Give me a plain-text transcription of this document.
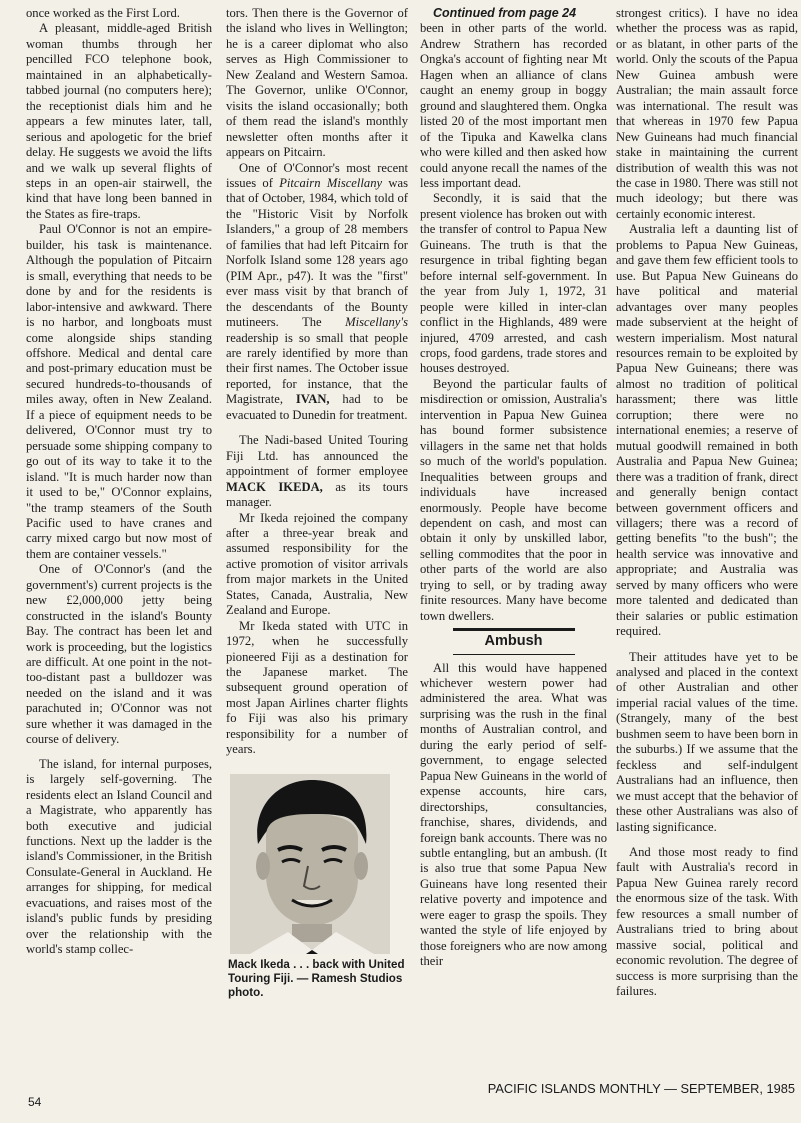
once worked as the First Lord.

A pleasant, middle-aged British woman thumbs through her pencilled FCO telephone book, maintained in an alphabetically-tabbed journal (no computers here); the receptionist dials him and he appears a few minutes later, tall, serious and apologetic for the brief delay. He suggests we avoid the lifts and we walk up several flights of steps in an open-air stairwell, the kind that have long been banned in the States as fire-traps.

Paul O'Connor is not an empire-builder, his task is maintenance. Although the population of Pitcairn is small, everything that needs to be done by and for the residents is labor-intensive and awkward. There is no harbor, and longboats must come alongside ships standing offshore. Medical and dental care and post-primary education must be secured hundreds-to-thousands of miles away, often in New Zealand. If a piece of equipment needs to be delivered, O'Connor must try to persuade some shipping company to go out of its way to take it to the island. "It is much harder now than it used to be," O'Connor explains, "the tramp steamers of the South Pacific used to have cranes and carry mixed cargo but now most of them are container vessels."

One of O'Connor's (and the government's) current projects is the new £2,000,000 jetty being constructed in the island's Bounty Bay. The contract has been let and work is proceeding, but the logistics are difficult. At one point in the not-too-distant past a bulldozer was needed on the island and it was parachuted in; O'Connor was not sure whether it was damaged in the course of delivery.

The island, for internal purposes, is largely self-governing. The residents elect an Island Council and a Magistrate, who apparently has both executive and judicial functions. Next up the ladder is the island's Commissioner, in the British Consulate-General in Auckland. He arranges for shipping, for medical evacuations, and raises most of the island's public funds by presiding over the relationship with the world's stamp collec-

tors. Then there is the Governor of the island who lives in Wellington; he is a career diplomat who also serves as High Commissioner to New Zealand and Western Samoa. The Governor, unlike O'Connor, visits the island occasionally; both of them read the island's monthly newsletter often months after it appears on Pitcairn.

One of O'Connor's most recent issues of Pitcairn Miscellany was that of October, 1984, which told of the "Historic Visit by Norfolk Islanders," a group of 28 members of families that had left Pitcairn for Norfolk Island some 128 years ago (PIM Apr., p47). It was the "first" ever mass visit by that branch of the descendants of the Bounty mutineers. The Miscellany's readership is so small that people are rarely identified by more than their first names. The October issue reported, for instance, that the Magistrate, IVAN, had to be evacuated to Dunedin for treatment.

The Nadi-based United Touring Fiji Ltd. has announced the appointment of former employee MACK IKEDA, as its tours manager.

Mr Ikeda rejoined the company after a three-year break and assumed responsibility for the active promotion of visitor arrivals from major markets in the United States, Canada, Australia, New Zealand and Europe.

Mr Ikeda stated with UTC in 1972, when he successfully pioneered Fiji as a destination for the Japanese market. The subsequent ground operation of most Japan Airlines charter flights fo Fiji was also his primary responsibility for a number of years.

Mack Ikeda . . . back with United Touring Fiji. — Ramesh Studios photo.

Continued from page 24

been in other parts of the world. Andrew Strathern has recorded Ongka's account of fighting near Mt Hagen when an alliance of clans caught an enemy group in boggy ground and slaughtered them. Ongka listed 20 of the most important men of the Tipuka and Kawelka clans who were killed and then asked how could anyone recall the names of the less important dead.

Secondly, it is said that the present violence has broken out with the transfer of control to Papua New Guineans. The truth is that the resurgence in tribal fighting began before internal self-government. In the year from July 1, 1972, 31 people were killed in inter-clan conflict in the Highlands, 489 were injured, 4709 arrested, and cash crops, food gardens, trade stores and houses destroyed.

Beyond the particular faults of misdirection or omission, Australia's intervention in Papua New Guinea has bound former subsistence villagers in the same net that holds so much of the world's population. Inequalities between groups and individuals have increased enormously. People have become dependent on cash, and most can obtain it only by unskilled labor, selling commodites that the poor in other parts of the world are also trying to sell, or by trading away finite resources. Many have become town dwellers.

Ambush

All this would have happened whichever western power had administered the area. What was surprising was the rush in the final months of Australian control, and during the early period of self-government, to engage selected Papua New Guineans in the world of expense accounts, hire cars, directorships, consultancies, franchise, shares, dividends, and foreign bank accounts. There was no subtle entangling, but an ambush. (It is also true that some Papua New Guineans have long resented their relative poverty and impotence and were eager to grasp the spoils. They wanted the style of life enjoyed by those foreigners who are now among their

strongest critics). I have no idea whether the process was as rapid, or as blatant, in other parts of the world. Only the scouts of the Papua New Guinea ambush were Australian; the main assault force was international. The result was that whereas in 1970 few Papua New Guineans had much financial stake in maintaining the current distribution of wealth this was not the case in 1980. There was still not much ideology; but there was certainly economic interest.

Australia left a daunting list of problems to Papua New Guineas, and gave them few efficient tools to use. But Papua New Guineans do have political and material advantages over many peoples made subservient at the height of western imperialism. Most natural resources remain to be exploited by Papua New Guineans; there was almost no tradition of political harassment; there was little corruption; there were no international enemies; a reserve of mutual goodwill remained in both Australia and Papua New Guinea; there was a tradition of frank, direct and generally benign contact between government officers and villagers; there was a record of getting benefits "to the bush"; the health service was innovative and appropriate; and Australia was served by many officers who were more talented and dedicated than their salaries or public estimation required.

Their attitudes have yet to be analysed and placed in the context of other Australian and other imperial racial values of the time. (Strangely, many of the best bushmen seem to have been born in the suburbs.) If we assume that the feckless and self-indulgent Australians had an influence, then we must accept that the behavior of these other Australians was also of lasting significance.

And those most ready to find fault with Australia's record in Papua New Guinea rarely record the enormous size of the task. With few resources a small number of Australians tried to bring about massive social, political and economic revolution. The degree of success is more surprising than the failures.

54
PACIFIC ISLANDS MONTHLY — SEPTEMBER, 1985
